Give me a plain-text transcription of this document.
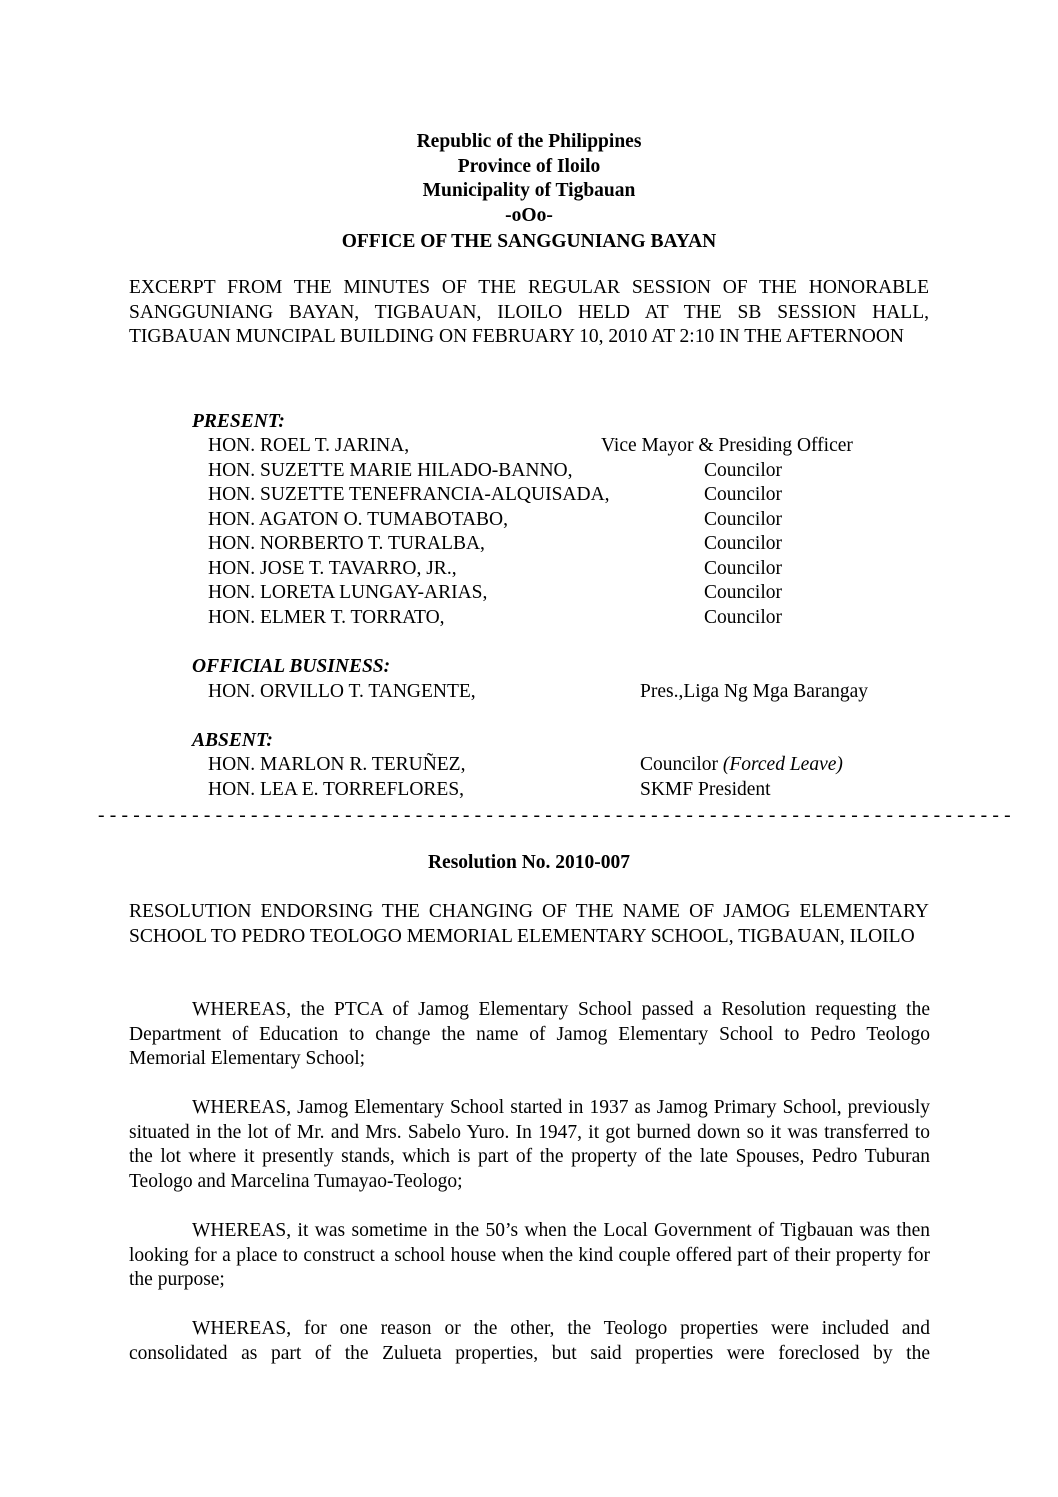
Republic of the Philippines
Province of Iloilo
Municipality of Tigbauan
-oOo-
OFFICE OF THE SANGGUNIANG BAYAN
EXCERPT FROM THE MINUTES OF THE REGULAR SESSION OF THE HONORABLE SANGGUNIANG BAYAN, TIGBAUAN, ILOILO HELD AT THE SB SESSION HALL, TIGBAUAN MUNCIPAL BUILDING ON FEBRUARY 10, 2010 AT 2:10 IN THE AFTERNOON
PRESENT:
HON. ROEL T. JARINA,	Vice Mayor & Presiding Officer
HON. SUZETTE MARIE HILADO-BANNO,	Councilor
HON. SUZETTE TENEFRANCIA-ALQUISADA,	Councilor
HON. AGATON O. TUMABOTABO,	Councilor
HON. NORBERTO T. TURALBA,	Councilor
HON. JOSE T. TAVARRO, JR.,	Councilor
HON. LORETA LUNGAY-ARIAS,	Councilor
HON. ELMER T. TORRATO,	Councilor
OFFICIAL BUSINESS:
HON. ORVILLO T. TANGENTE,	Pres.,Liga Ng Mga Barangay
ABSENT:
HON. MARLON R. TERUÑEZ,	Councilor (Forced Leave)
HON. LEA E. TORREFLORES,	SKMF President
- - - - - - - - - - - - - - - - - - - - - - - - - - - - - - - - - - - - - - - - - - - - - - - - - - - - - - - - - - - - - - - - - - - - - - - - - - - - - -
Resolution No. 2010-007
RESOLUTION ENDORSING THE CHANGING OF THE NAME OF JAMOG ELEMENTARY SCHOOL TO PEDRO TEOLOGO MEMORIAL ELEMENTARY SCHOOL, TIGBAUAN, ILOILO
WHEREAS, the PTCA of Jamog Elementary School passed a Resolution requesting the Department of Education to change the name of Jamog Elementary School to Pedro Teologo Memorial Elementary School;
WHEREAS, Jamog Elementary School started in 1937 as Jamog Primary School, previously situated in the lot of Mr. and Mrs. Sabelo Yuro. In 1947, it got burned down so it was transferred to the lot where it presently stands, which is part of the property of the late Spouses, Pedro Tuburan Teologo and Marcelina Tumayao-Teologo;
WHEREAS, it was sometime in the 50’s when the Local Government of Tigbauan was then looking for a place to construct a school house when the kind couple offered part of their property for the purpose;
WHEREAS, for one reason or the other, the Teologo properties were included and consolidated as part of the Zulueta properties, but said properties were foreclosed by the
